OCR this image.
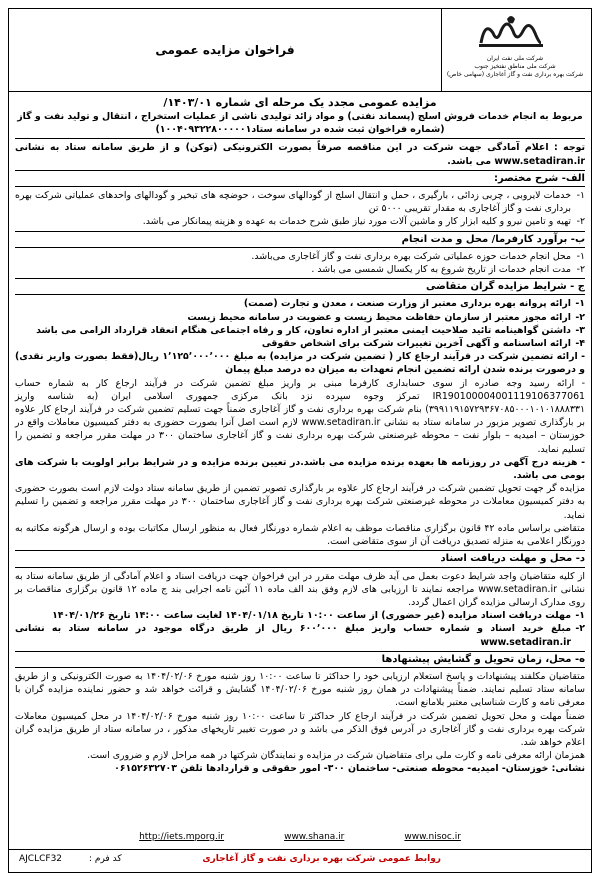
شرکت ملی نفت ایران
شرکت ملی مناطق نفتخیز جنوب
شرکت بهره برداری نفت و گاز آغاجاری (سهامی خاص)
فراخوان مزایده عمومی

مزایده عمومی مجدد یک مرحله ای شماره ۱۴۰۳/۰۱/

مربوط به انجام خدمات فروش اسلج (پسماند نفتی) و مواد زائد تولیدی ناشی از عملیات استخراج ، انتقال و تولید نفت و گاز

(شماره فراخوان ثبت شده در سامانه ستاد۱۰۰۴۰۹۳۲۲۸۰۰۰۰۰۱)

توجه : اعلام آمادگی جهت شرکت در این مناقصه صرفاً بصورت الکترونیکی (توکن) و از طریق سامانه ستاد به نشانی www.setadiran.ir می باشد.

الف- شرح مختصر:
۱-
خدمات لایروبی ، چربی زدائی ، بارگیری ، حمل و انتقال اسلج از گودالهای سوخت ، حوضچه های تبخیر و گودالهای واحدهای عملیاتی شرکت بهره برداری نفت و گاز آغاجاری به مقدار تقریبی ۵۰۰۰ تن
۲-
تهیه و تامین نیرو و کلیه ابزار کار و ماشین آلات مورد نیاز طبق شرح خدمات به عهده و هزینه پیمانکار می باشد.
ب- برآورد کارفرما/ محل و مدت انجام
۱-
محل انجام خدمات حوزه عملیاتی شرکت بهره برداری نفت و گاز آغاجاری می‌باشد.
۲-
مدت انجام خدمات از تاریخ شروع به کار یکسال شمسی می باشد .
ج - شرایط مزایده گران متقاضی
۱-
ارائه پروانه بهره برداری معتبر از وزارت صنعت ، معدن و تجارت (صمت)
۲-
ارائه مجوز معتبر از سازمان حفاظت محیط زیست و عضویت در سامانه محیط زیست
۳-
داشتن گواهینامه تائید صلاحیت ایمنی معتبر از اداره تعاون، کار و رفاه اجتماعی هنگام انعقاد قرارداد الزامی می باشد
۴-
ارائه اساسنامه و آگهی آخرین تغییرات شرکت برای اشخاص حقوقی

- ارائه تضمین شرکت در فرآیند ارجاع کار ( تضمین شرکت در مزایده) به مبلغ ۱٬۱۲۵٬۰۰۰٬۰۰۰ ریال(فقط بصورت واریز نقدی) و درصورت برنده شدن ارائه تضمین انجام تعهدات به میزان ده درصد مبلغ پیمان

- ارائه رسید وجه صادره از سوی حسابداری کارفرما مبنی بر واریز مبلغ تضمین شرکت در فرآیند ارجاع کار به شماره حساب IR190100004001119106377061 تمرکز وجوه سپرده نزد بانک مرکزی جمهوری اسلامی ایران (به شناسه واریز ۳۹۹۱۱۹۱۵۷۲۹۳۶۷۰۸۵۰۰۰۱۰۱۰۱۸۸۸۳۳۱) بنام شرکت بهره برداری نفت و گاز آغاجاری ضمناً جهت تسلیم تضمین شرکت در فرآیند ارجاع کار علاوه بر بارگذاری تصویر مزبور در سامانه ستاد به نشانی www.setadiran.ir لازم است اصل آنرا بصورت حضوری به دفتر کمیسیون معاملات واقع در خوزستان – امیدیه – بلوار نفت – محوطه غیرصنعتی شرکت بهره برداری نفت و گاز آغاجاری ساختمان ۳۰۰ در مهلت مقرر مراجعه و تضمین را تسلیم نماید.

- هزینه درج آگهی در روزنامه ها بعهده برنده مزایده می باشد.در تعیین برنده مزایده و در شرایط برابر اولویت با شرکت های بومی می باشد.

مزایده گر جهت تحویل تضمین شرکت در فرآیند ارجاع کار علاوه بر بارگذاری تصویر تضمین از طریق سامانه ستاد دولت لازم است بصورت حضوری به دفتر کمیسیون معاملات در محوطه غیرصنعتی شرکت بهره برداری نفت و گاز آغاجاری ساختمان ۳۰۰ در مهلت مقرر مراجعه و تضمین را تسلیم نماید.

متقاضی براساس ماده ۴۲ قانون برگزاری مناقصات موظف به اعلام شماره دورنگار فعال به منظور ارسال مکاتبات بوده و ارسال هرگونه مکاتبه به دورنگار اعلامی به منزله تصدیق دریافت آن از سوی متقاضی است.

د- محل و مهلت دریافت اسناد

از کلیه متقاضیان واجد شرایط دعوت بعمل می آید ظرف مهلت مقرر در این فراخوان جهت دریافت اسناد و اعلام آمادگی از طریق سامانه ستاد به نشانی www.setadiran.ir مراجعه نمایند تا ارزیابی های لازم وفق بند الف ماده ۱۱ آئین نامه اجرایی بند ج ماده ۱۲ قانون برگزاری مناقصات بر روی مدارک ارسالی مزایده گران اعمال گردد.

۱-
مهلت دریافت اسناد مزایده (غیر حضوری) از ساعت ۱۰:۰۰ تاریخ ۱۴۰۴/۰۱/۱۸ لغایت ساعت ۱۴:۰۰ تاریخ ۱۴۰۴/۰۱/۲۶
۲-
مبلغ خرید اسناد و شماره حساب واریز مبلغ ۶۰۰٬۰۰۰ ریال از طریق درگاه موجود در سامانه ستاد به نشانی www.setadiran.ir
ه- محل، زمان تحویل و گشایش پیشنهادها

متقاضیان مکلفند پیشنهادات و پاسخ استعلام ارزیابی خود را حداکثر تا ساعت ۱۰:۰۰ روز شنبه مورخ ۱۴۰۴/۰۲/۰۶ به صورت الکترونیکی و از طریق سامانه ستاد تسلیم نمایند. ضمناً پیشنهادات در همان روز شنبه مورخ ۱۴۰۴/۰۲/۰۶ گشایش و قرائت خواهد شد و حضور نماینده مزایده گران با معرفی نامه و کارت شناسایی معتبر بلامانع است.

ضمناً مهلت و محل تحویل تضمین شرکت در فرآیند ارجاع کار حداکثر تا ساعت ۱۰:۰۰ روز شنبه مورخ ۱۴۰۴/۰۲/۰۶ در محل کمیسیون معاملات شرکت بهره برداری نفت و گاز آغاجاری در آدرس فوق الذکر می باشد و در صورت تغییر تاریخهای مذکور ، در سامانه ستاد از طریق مزایده گران اعلام خواهد شد.

همزمان ارائه معرفی نامه و کارت ملی برای متقاضیان شرکت در مزایده و نمایندگان شرکتها در همه مراحل لازم و ضروری است.

نشانی: خوزستان- امیدیه- محوطه صنعتی- ساختمان ۳۰۰- امور حقوقی و قراردادها تلفن ۰۶۱۵۲۶۳۲۷۰۳

http://iets.mporg.ir	www.shana.ir	www.nisoc.ir
روابط عمومی شرکت بهره برداری نفت و گاز آغاجاری
کد فرم :
AJCLCF32
